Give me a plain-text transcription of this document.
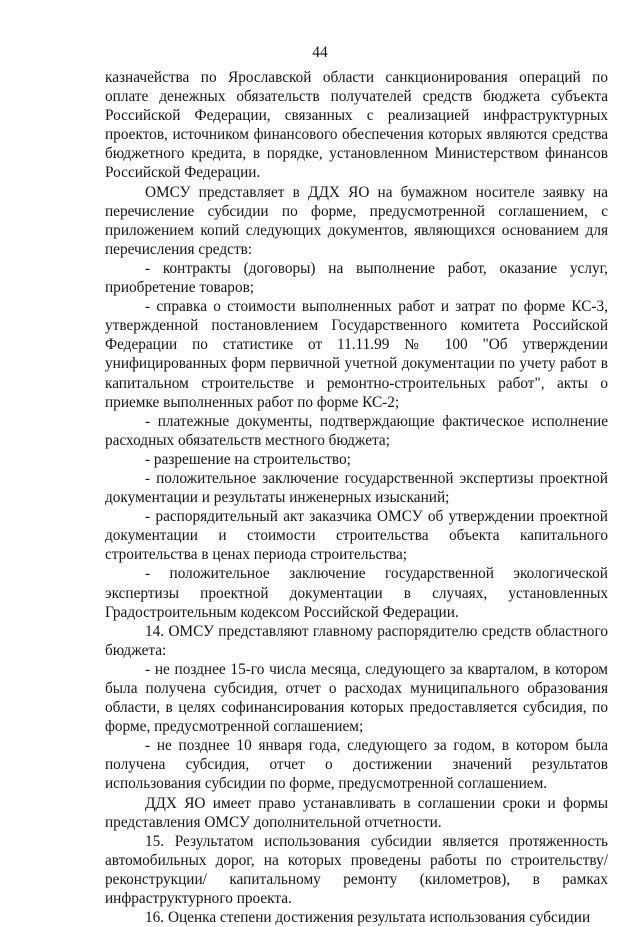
44

казначейства по Ярославской области санкционирования операций по оплате денежных обязательств получателей средств бюджета субъекта Российской Федерации, связанных с реализацией инфраструктурных проектов, источником финансового обеспечения которых являются средства бюджетного кредита, в порядке, установленном Министерством финансов Российской Федерации.

ОМСУ представляет в ДДХ ЯО на бумажном носителе заявку на перечисление субсидии по форме, предусмотренной соглашением, с приложением копий следующих документов, являющихся основанием для перечисления средств:

- контракты (договоры) на выполнение работ, оказание услуг, приобретение товаров;

- справка о стоимости выполненных работ и затрат по форме КС-3, утвержденной постановлением Государственного комитета Российской Федерации по статистике от 11.11.99 № 100 "Об утверждении унифицированных форм первичной учетной документации по учету работ в капитальном строительстве и ремонтно-строительных работ", акты о приемке выполненных работ по форме КС-2;

- платежные документы, подтверждающие фактическое исполнение расходных обязательств местного бюджета;

- разрешение на строительство;

- положительное заключение государственной экспертизы проектной документации и результаты инженерных изысканий;

- распорядительный акт заказчика ОМСУ об утверждении проектной документации и стоимости строительства объекта капитального строительства в ценах периода строительства;

- положительное заключение государственной экологической экспертизы проектной документации в случаях, установленных Градостроительным кодексом Российской Федерации.

14. ОМСУ представляют главному распорядителю средств областного бюджета:

- не позднее 15-го числа месяца, следующего за кварталом, в котором была получена субсидия, отчет о расходах муниципального образования области, в целях софинансирования которых предоставляется субсидия, по форме, предусмотренной соглашением;

- не позднее 10 января года, следующего за годом, в котором была получена субсидия, отчет о достижении значений результатов использования субсидии по форме, предусмотренной соглашением.

ДДХ ЯО имеет право устанавливать в соглашении сроки и формы представления ОМСУ дополнительной отчетности.

15. Результатом использования субсидии является протяженность автомобильных дорог, на которых проведены работы по строительству/ реконструкции/ капитальному ремонту (километров), в рамках инфраструктурного проекта.

16. Оценка степени достижения результата использования субсидии
